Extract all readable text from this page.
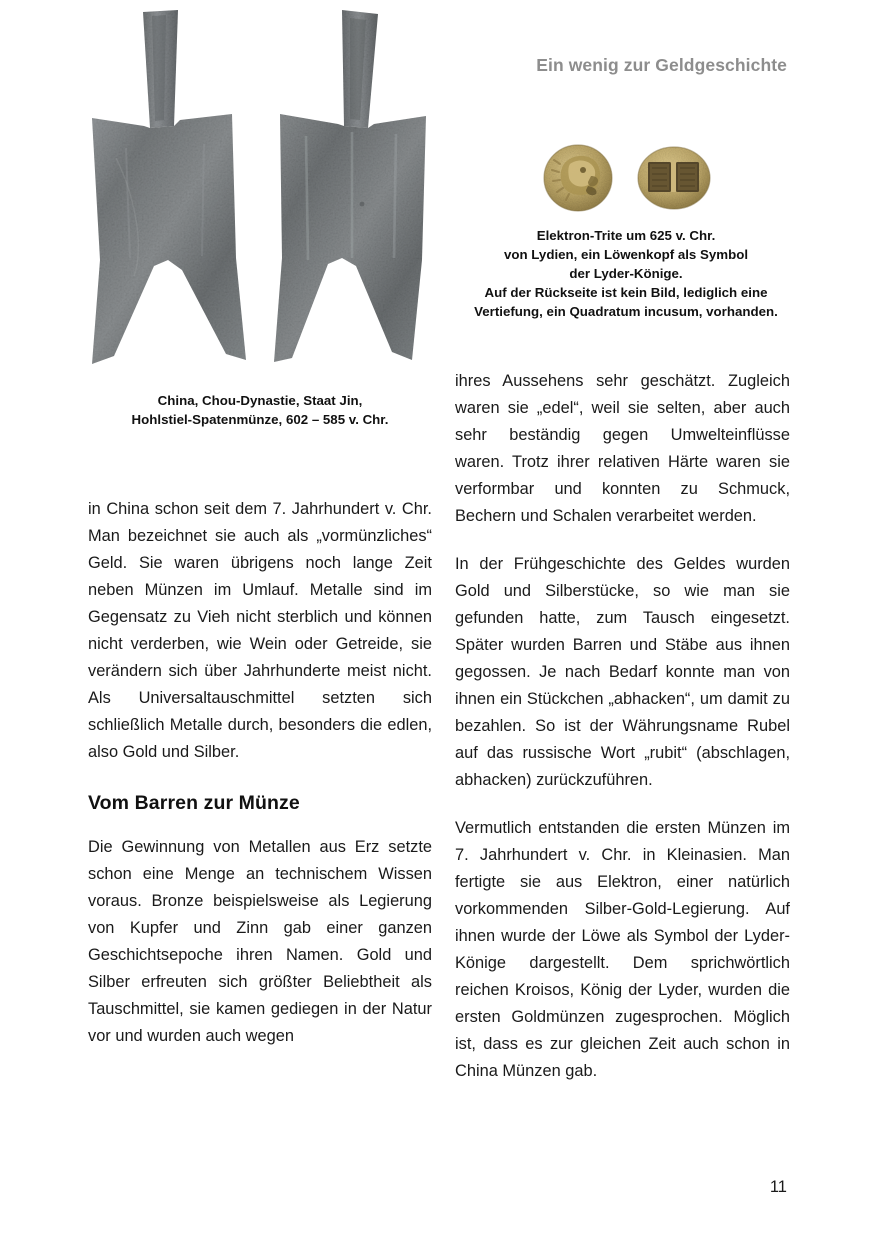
Ein wenig zur Geldgeschichte
China, Chou-Dynastie, Staat Jin,
Hohlstiel-Spatenmünze, 602 – 585 v. Chr.
Elektron-Trite um 625 v. Chr.
von Lydien, ein Löwenkopf als Symbol
der Lyder-Könige.
Auf der Rückseite ist kein Bild, lediglich eine
Vertiefung, ein Quadratum incusum, vorhanden.

in China schon seit dem 7. Jahrhundert v. Chr. Man bezeichnet sie auch als „vormünzliches“ Geld. Sie waren übrigens noch lange Zeit neben Münzen im Umlauf. Metalle sind im Gegensatz zu Vieh nicht sterblich und können nicht verderben, wie Wein oder Getreide, sie verändern sich über Jahrhunderte meist nicht. Als Universaltauschmittel setzten sich schließlich Metalle durch, besonders die edlen, also Gold und Silber.

Vom Barren zur Münze

Die Gewinnung von Metallen aus Erz setzte schon eine Menge an technischem Wissen voraus. Bronze beispielsweise als Legierung von Kupfer und Zinn gab einer ganzen Geschichtsepoche ihren Namen. Gold und Silber erfreuten sich größter Beliebtheit als Tauschmittel, sie kamen gediegen in der Natur vor und wurden auch wegen

ihres Aussehens sehr geschätzt. Zugleich waren sie „edel“, weil sie selten, aber auch sehr beständig gegen Umwelteinflüsse waren. Trotz ihrer relativen Härte waren sie verformbar und konnten zu Schmuck, Bechern und Schalen verarbeitet werden.

In der Frühgeschichte des Geldes wurden Gold und Silberstücke, so wie man sie gefunden hatte, zum Tausch eingesetzt. Später wurden Barren und Stäbe aus ihnen gegossen. Je nach Bedarf konnte man von ihnen ein Stückchen „abhacken“, um damit zu bezahlen. So ist der Währungsname Rubel auf das russische Wort „rubit“ (abschlagen, abhacken) zurückzuführen.

Vermutlich entstanden die ersten Münzen im 7. Jahrhundert v. Chr. in Kleinasien. Man fertigte sie aus Elektron, einer natürlich vorkommenden Silber-Gold-Legierung. Auf ihnen wurde der Löwe als Symbol der Lyder-Könige dargestellt. Dem sprichwörtlich reichen Kroisos, König der Lyder, wurden die ersten Goldmünzen zugesprochen. Möglich ist, dass es zur gleichen Zeit auch schon in China Münzen gab.

11
